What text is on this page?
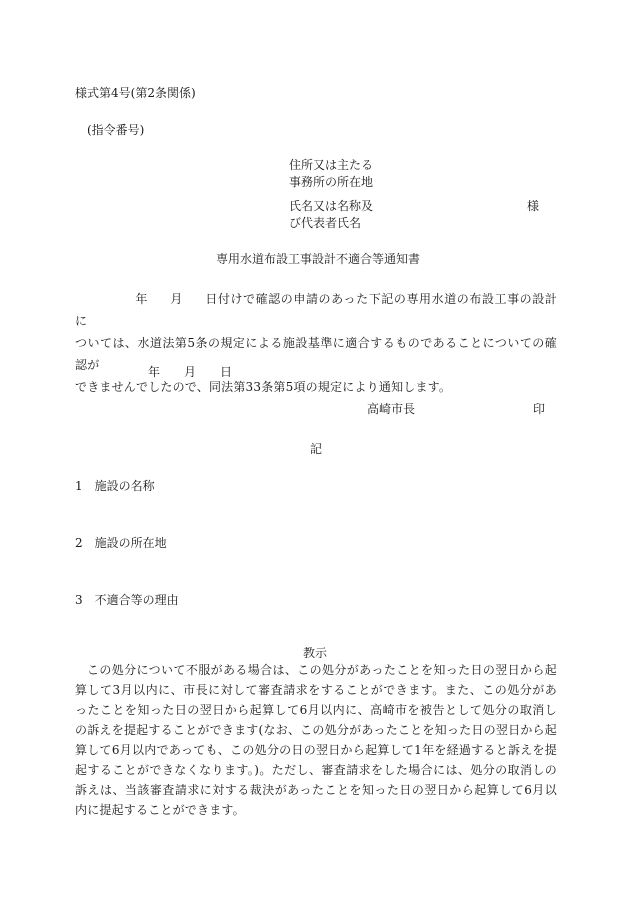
様式第4号(第2条関係)
(指令番号)
住所又は主たる
事務所の所在地
氏名又は名称及
び代表者氏名
様
専用水道布設工事設計不適合等通知書
年 月 日付けで確認の申請のあった下記の専用水道の布設工事の設計に
ついては、水道法第5条の規定による施設基準に適合するものであることについての確認が
できませんでしたので、同法第33条第5項の規定により通知します。
年 月 日
高崎市長	印
記
1　施設の名称
2　施設の所在地
3　不適合等の理由
教示
この処分について不服がある場合は、この処分があったことを知った日の翌日から起算して3月以内に、市長に対して審査請求をすることができます。また、この処分があったことを知った日の翌日から起算して6月以内に、高崎市を被告として処分の取消しの訴えを提起することができます(なお、この処分があったことを知った日の翌日から起算して6月以内であっても、この処分の日の翌日から起算して1年を経過すると訴えを提起することができなくなります。)。ただし、審査請求をした場合には、処分の取消しの訴えは、当該審査請求に対する裁決があったことを知った日の翌日から起算して6月以内に提起することができます。
